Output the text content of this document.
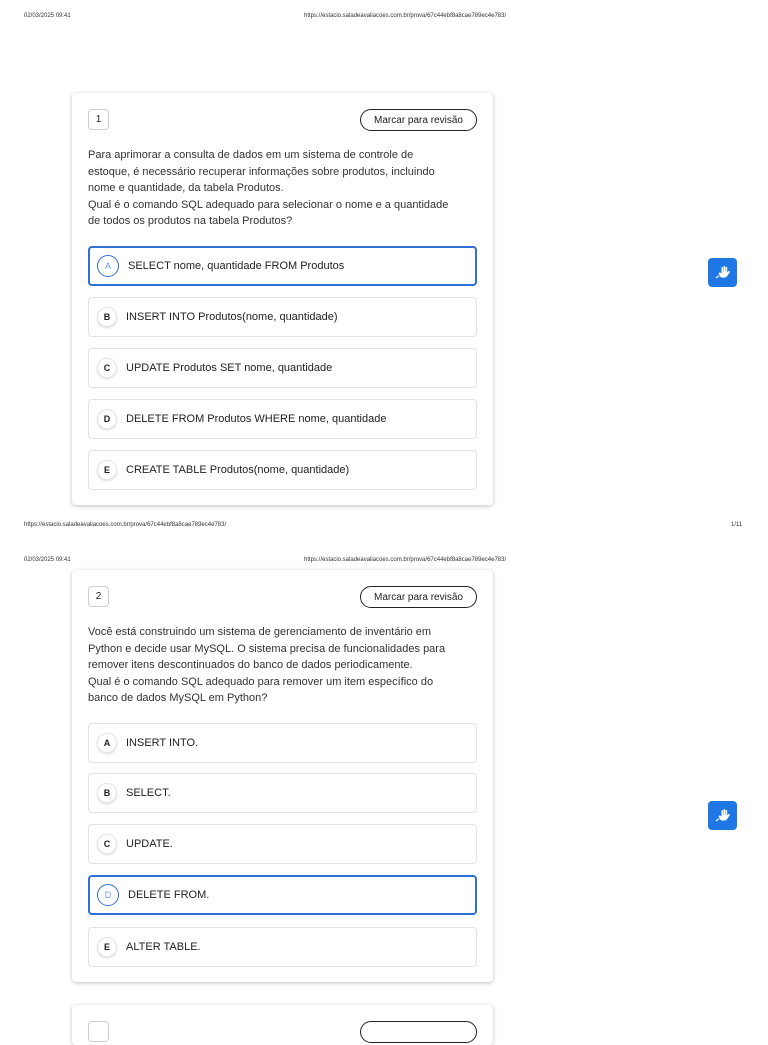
02/03/2025 09:41	https://estacio.saladeavaliacoes.com.br/prova/67c44ebf8a8cae789ec4e783/
1	Marcar para revisão
Para aprimorar a consulta de dados em um sistema de controle de
estoque, é necessário recuperar informações sobre produtos, incluindo
nome e quantidade, da tabela Produtos.
Qual é o comando SQL adequado para selecionar o nome e a quantidade
de todos os produtos na tabela Produtos?
A	SELECT nome, quantidade FROM Produtos
B	INSERT INTO Produtos(nome, quantidade)
C	UPDATE Produtos SET nome, quantidade
D	DELETE FROM Produtos WHERE nome, quantidade
E	CREATE TABLE Produtos(nome, quantidade)
https://estacio.saladeavaliacoes.com.br/prova/67c44ebf8a8cae789ec4e783/	1/11
02/03/2025 09:41	https://estacio.saladeavaliacoes.com.br/prova/67c44ebf8a8cae789ec4e783/
2	Marcar para revisão
Você está construindo um sistema de gerenciamento de inventário em
Python e decide usar MySQL. O sistema precisa de funcionalidades para
remover itens descontinuados do banco de dados periodicamente.
Qual é o comando SQL adequado para remover um item específico do
banco de dados MySQL em Python?
A	INSERT INTO.
B	SELECT.
C	UPDATE.
D	DELETE FROM.
E	ALTER TABLE.
